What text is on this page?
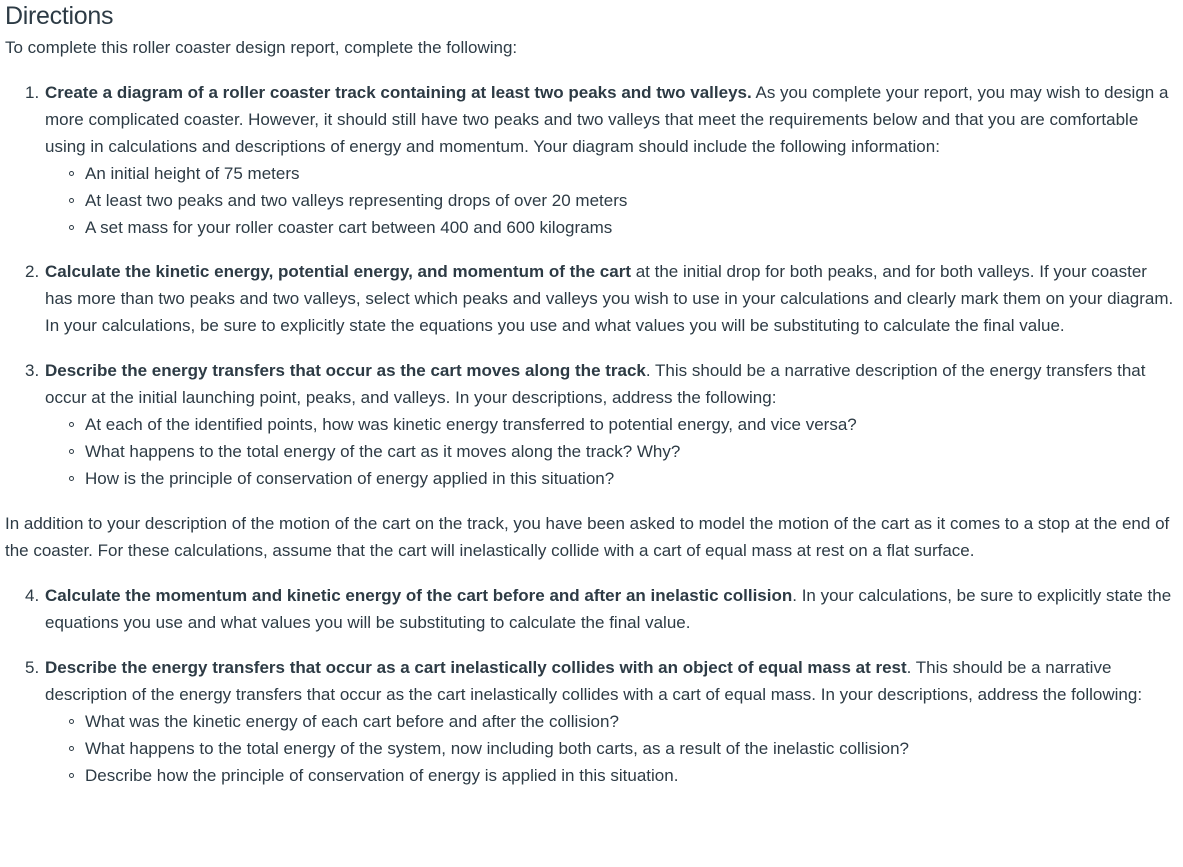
Directions

To complete this roller coaster design report, complete the following:

1. Create a diagram of a roller coaster track containing at least two peaks and two valleys. As you complete your report, you may wish to design a more complicated coaster. However, it should still have two peaks and two valleys that meet the requirements below and that you are comfortable using in calculations and descriptions of energy and momentum. Your diagram should include the following information:
An initial height of 75 meters
At least two peaks and two valleys representing drops of over 20 meters
A set mass for your roller coaster cart between 400 and 600 kilograms
2. Calculate the kinetic energy, potential energy, and momentum of the cart at the initial drop for both peaks, and for both valleys. If your coaster has more than two peaks and two valleys, select which peaks and valleys you wish to use in your calculations and clearly mark them on your diagram. In your calculations, be sure to explicitly state the equations you use and what values you will be substituting to calculate the final value.
3. Describe the energy transfers that occur as the cart moves along the track. This should be a narrative description of the energy transfers that occur at the initial launching point, peaks, and valleys. In your descriptions, address the following:
At each of the identified points, how was kinetic energy transferred to potential energy, and vice versa?
What happens to the total energy of the cart as it moves along the track? Why?
How is the principle of conservation of energy applied in this situation?

In addition to your description of the motion of the cart on the track, you have been asked to model the motion of the cart as it comes to a stop at the end of the coaster. For these calculations, assume that the cart will inelastically collide with a cart of equal mass at rest on a flat surface.

4. Calculate the momentum and kinetic energy of the cart before and after an inelastic collision. In your calculations, be sure to explicitly state the equations you use and what values you will be substituting to calculate the final value.
5. Describe the energy transfers that occur as a cart inelastically collides with an object of equal mass at rest. This should be a narrative description of the energy transfers that occur as the cart inelastically collides with a cart of equal mass. In your descriptions, address the following:
What was the kinetic energy of each cart before and after the collision?
What happens to the total energy of the system, now including both carts, as a result of the inelastic collision?
Describe how the principle of conservation of energy is applied in this situation.
